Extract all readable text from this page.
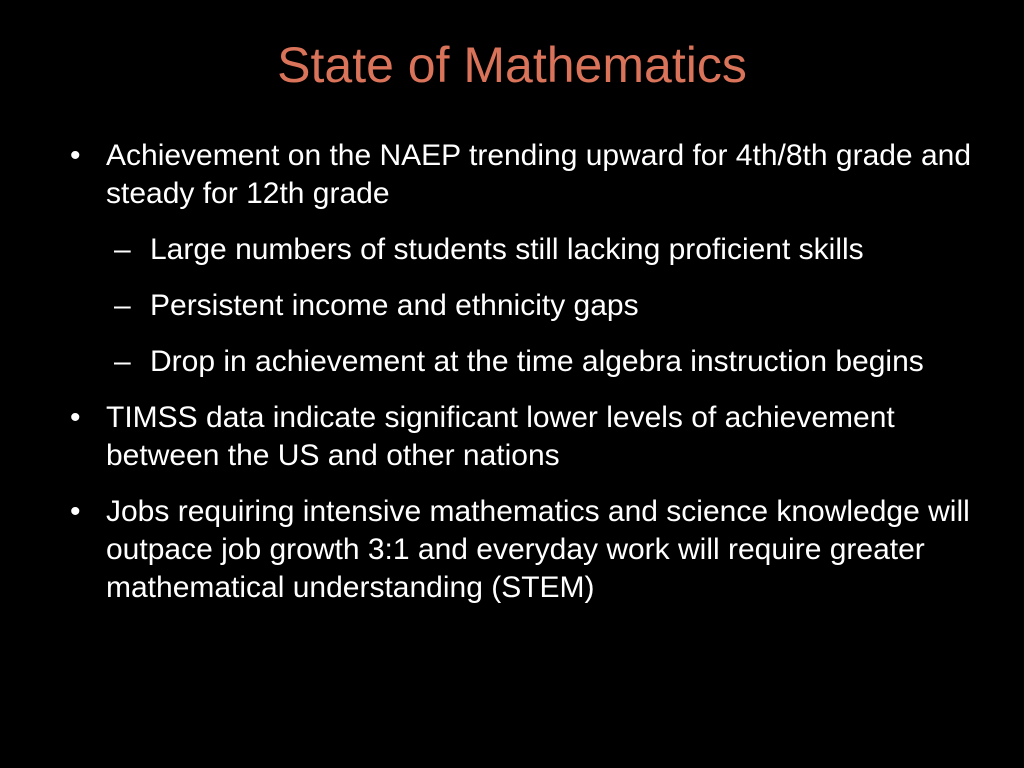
State of Mathematics
• Achievement on the NAEP trending upward for 4th/8th grade and steady for 12th grade
– Large numbers of students still lacking proficient skills
– Persistent income and ethnicity gaps
– Drop in achievement at the time algebra instruction begins
• TIMSS data indicate significant lower levels of achievement between the US and other nations
• Jobs requiring intensive mathematics and science knowledge will outpace job growth 3:1 and everyday work will require greater mathematical understanding (STEM)
